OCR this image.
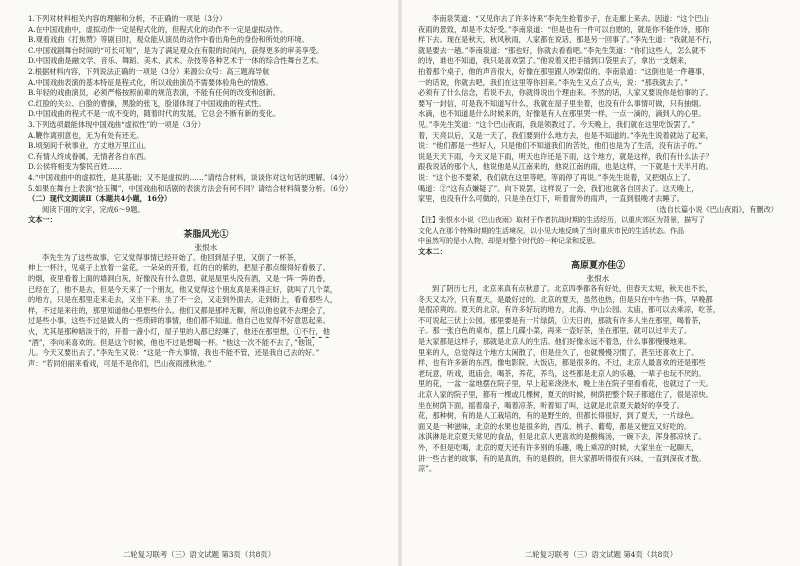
1.下列对材料相关内容的理解和分析，不正确的一项是（3分）

A.在中国戏曲中，虚拟动作一定是程式化的，但程式化的动作不一定是虚拟动作。

B.观看戏曲《打焦赞》等剧目时，观众能从演员的动作中看出角色的身份和所处的环境。

C.中国戏剧舞台时间的“可长可短”，是为了满足观众在有限的时间内，获得更多的审美享受。

D.中国戏曲是融文学、音乐、舞蹈、美术、武术、杂技等各种艺术于一体的综合性舞台艺术。

2.根据材料内容，下列说法正确的一项是（3分）来源公众号：高三题海导航

A.中国戏曲表演的基本特征是程式化，所以戏曲演员不需要体验角色的情感。

B.年轻的戏曲演员，必须严格按照前辈的规范表演，不能有任何的改变和创新。

C.红脸的关公、白脸的曹操，黑脸的张飞，脸谱体现了中国戏曲的程式性。

D.中国戏曲的程式不是一成不变的，随着时代的发展，它总会不断有新的变化。

3.下列选项最能体现中国戏曲“虚拟性”的一项是（3分）

A.鞭作离别意也，无为有处有还无。

B.顷刻间千秋事业，方丈地万里江山。

C.有情人终成眷属，无情者各自东西。

D.公侯将相变为黎民百姓……

4.“中国戏曲中的虚拟性，是其基础；又不是虚拟的……”请结合材料，谈谈你对这句话的理解。（4分）

5.如果在舞台上表演“拾玉镯”，中国戏曲和话剧的表演方法会有何不同？请结合材料简要分析。（6分）

（二）现代文阅读Ⅱ（本题共4小题，16分）

阅读下面的文字，完成6～9题。

文本一：

茶脂风光①
张恨水

李先生为了这些故事，它又觉得事情已经开始了。他回到屋子里，又倒了一杯茶，

伸上一杯汁，见桌子上放着一盆花，一朵朵的开着，红的白的紫的，把屋子都点缀得好看极了。

的烟，夜里看着上面的墙洞白灰，好像没有什么意思，就是屋里头没有酒，又是一阵一阵的香，

已经在了，他不是去，但是今天来了一个朋友，他又觉得这个朋友真是来得正好，就叫了几个菜，

的地方，只是在那里走来走去，又坐下来。坐了不一会，又走到外面去，走到街上，看看那些人，

样，不过是来往的，那里知道他心里想些什么。他们又都是那样无聊，所以他也就不去理会了，

过是些小事，这些不过是做人的一些琐碎的事情，他们都不知道。他自己也觉得不好意思起来。

火，尤其是那种暗淡于的，开着一盏小灯，屋子里的人都已经睡了，他还在那里想，①不行，他

“酒”，李向来喜欢的。但是这个时候，他也不过是想喝一杯。“他这一次不能不去了，”他说，

儿。今天又要出去了。”李先生又说：“这是一件大事情，我也不能不管，还是我自己去的好。”

声：“若同伯丽来看戏，可是不是你们，巴山夜雨涨秋池。”

二轮复习联考（三）语文试题 第3页（共8页）

李南泉笑道：“又见你去了许多诗来”李先生抢着步子，在走廊上来去。因道：“这个巴山

夜雨的景致，却是不太好受。”李南泉道：“但是也有一件可以自慰的，就是你不能作诗，那你

样下去。现在是秋天，秋风秋雨，人家都在说话，那是另一回事了。”李先生道：“我就是不行，

就是要去一趟。”李南泉道：“那也好，你就去看看吧。”李先生笑道：“你们这些人，怎么就不

的诗，谁也不知道，我只是喜欢罢了。”他说着又把手插到口袋里去了，拿出一支烟来，

拍着那个桌子，他的声音很大，好像在那里跟人吵架似的。李南泉道：“这倒也是一件趣事，

一的话说，你就去吧，我们在这里等你回来。”李先生又点了点头，说：“那我就去了。”

必须有了什么信念，若说不去，你就得说出个理由来。不然的话，人家又要说你是怕事的了。

要写一封信，可是我不知道写什么，我就在屋子里坐着，也没有什么事情可做，只有抽烟。

水滴，也不知道是什么时候来的，好像是有人在那里哭一样，一点一滴的，滴到人的心里。

见。”李先生笑道：“这个巴山夜雨，我是领教过了。今天晚上，我们就在这里吃饭罢了。”

着，天亮以后，又是一天了，我们要到什么地方去，也是不知道的。”李先生说着就站了起来，

说：“他们都是一些好人，只是他们不知道我们的苦处，他们也是为了生活，没有法子的。”

说是天天下雨，今天又是下雨，明天也许还是下雨，这个地方，就是这样，我们有什么法子？

跟我说话的那个人，他说他是从江南来的，他说江南的雨，也是这样，一下就是十天半月的。

说：“这个也不要紧，我们就在这里等吧，等雨停了再说。”李先生说着，又把烟点上了。

喝道：②“这有点嫌疑了”。向下说罢，这样说了一会，我们也就各自回去了。这天晚上，

家里，也没有什么可做的，只是坐在灯下，听着窗外的雨声，一直到很晚才去睡了。

（选自长篇小说《巴山夜雨》，有删改）

【注】张恨水小说《巴山夜雨》取材于作者抗战时期的生活经历，以重庆郊区为背景，描写了

文化人在那个特殊时期的生活境况，以小见大地反映了当时重庆市民的生活状态。作品

中虽然写的是小人物，却是对整个时代的一种记录和反思。

文本二：

高原夏亦佳②
张恨水

到了阴历七月，北京来真有点秋意了。北京四季都各有好处，但春天太短，秋天也不长，

冬天又太冷，只有夏天，是最好过的。北京的夏天，虽然也热，但是只在中午热一阵，早晚都

是很凉爽的。夏天的北京，有许多好玩的地方，北海、中山公园、太庙，都可以去乘凉，吃茶，

不可说起三伏上公园，那里要是有一片绿荫，①天日的，那就有许多人坐在那里，喝着茶，

子。那一张白色的桌布，摆上几碟小菜，再来一壶好茶，坐在那里，就可以过半天了。

是大家都是这样子，那就是北京人的生活。他们好像永远不着急，什么事都慢慢地来。

里来的人，总觉得这个地方太闲散了，但是住久了，也就慢慢习惯了，甚至还喜欢上了。

样，也有许多新的东西，像电影院、大饭店，都是很多的。不过，北京人最喜欢的还是那些

老玩意，听戏，逛庙会，喝茶，养花，养鸟，这些都是北京人的乐趣，一辈子也玩不厌的。

里的花，一盆一盆地摆在院子里，早上起来浇浇水，晚上坐在院子里看看花，也就过了一天。

北京人家的院子里，都有一棵或几棵树，夏天的时候，树荫把整个院子都遮住了，很是凉快。

坐在树荫下面，摇着扇子，喝着凉茶，听着知了叫，这就是北京夏天最好的享受了。

花，那种树，有的是人工栽培的，有的是野生的，但都长得很好，到了夏天，一片绿色。

面又是一种滋味，北京的水果也是很多的，西瓜、桃子、葡萄，都是又便宜又好吃的。

冰淇淋是北京夏天常见的食品，但是北京人更喜欢的是酸梅汤，一碗下去，浑身都凉快了。

外，不但是吃喝，北京的夏天还有许多别的乐趣，晚上乘凉的时候，大家坐在一起聊天，

讲一些古老的故事，有的是真的，有的是假的，但大家都听得很有兴味，一直到深夜才散。

凉”。

二轮复习联考（三）语文试题 第4页（共8页）
